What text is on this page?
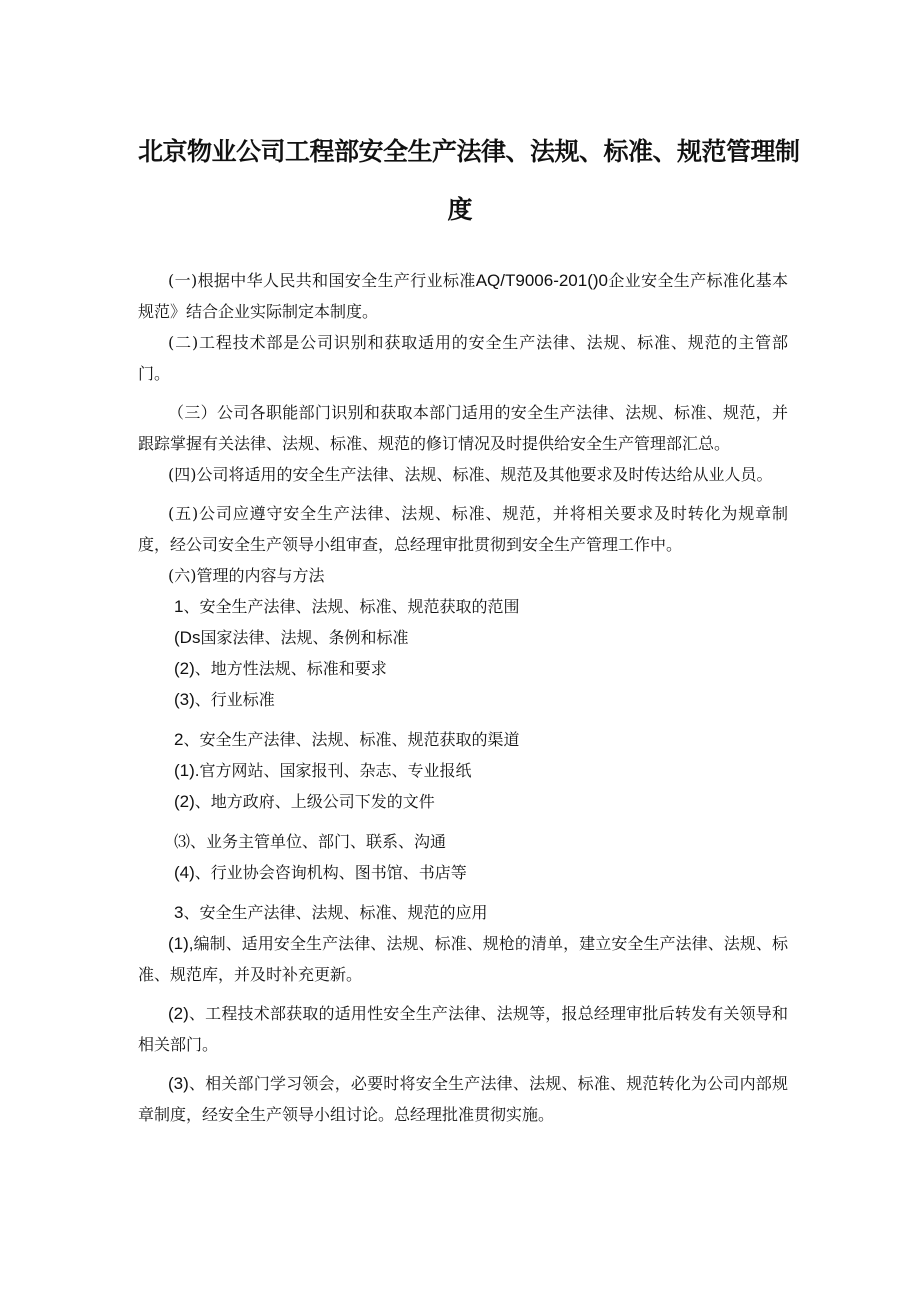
北京物业公司工程部安全生产法律、法规、标准、规范管理制
度

(一)根据中华人民共和国安全生产行业标准AQ/T9006-201()0企业安全生产标准化基本规范》结合企业实际制定本制度。

(二)工程技术部是公司识别和获取适用的安全生产法律、法规、标准、规范的主管部门。

（三）公司各职能部门识别和获取本部门适用的安全生产法律、法规、标准、规范，并跟踪掌握有关法律、法规、标准、规范的修订情况及时提供给安全生产管理部汇总。

(四)公司将适用的安全生产法律、法规、标准、规范及其他要求及时传达给从业人员。

(五)公司应遵守安全生产法律、法规、标准、规范，并将相关要求及时转化为规章制度，经公司安全生产领导小组审查，总经理审批贯彻到安全生产管理工作中。

(六)管理的内容与方法

1、安全生产法律、法规、标准、规范获取的范围

(Ds国家法律、法规、条例和标准

(2)、地方性法规、标准和要求

(3)、行业标准

2、安全生产法律、法规、标准、规范获取的渠道

(1).官方网站、国家报刊、杂志、专业报纸

(2)、地方政府、上级公司下发的文件

⑶、业务主管单位、部门、联系、沟通

(4)、行业协会咨询机构、图书馆、书店等

3、安全生产法律、法规、标准、规范的应用

(1),编制、适用安全生产法律、法规、标准、规枪的清单，建立安全生产法律、法规、标准、规范库，并及时补充更新。

(2)、工程技术部获取的适用性安全生产法律、法规等，报总经理审批后转发有关领导和相关部门。

(3)、相关部门学习领会，必要时将安全生产法律、法规、标准、规范转化为公司内部规章制度，经安全生产领导小组讨论。总经理批准贯彻实施。
